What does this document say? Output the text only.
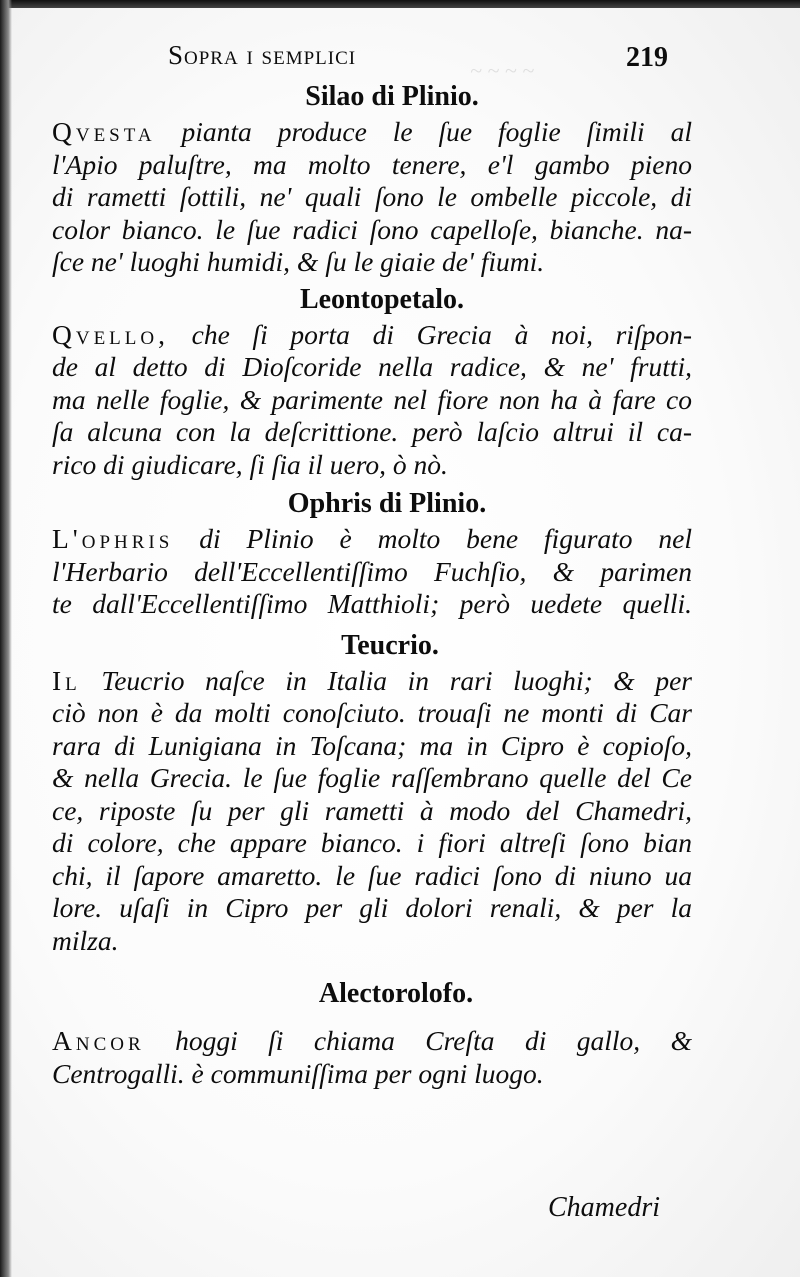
~ ~ ~ ~
Sopra i semplici	219
Silao di Plinio.

Qvesta pianta produce le ſue foglie ſimili al
l'Apio paluſtre, ma molto tenere, e'l gambo pieno
di rametti ſottili, ne' quali ſono le ombelle piccole, di
color bianco. le ſue radici ſono capelloſe, bianche. na-
ſce ne' luoghi humidi, & ſu le giaie de' fiumi.

Leontopetalo.

Qvello, che ſi porta di Grecia à noi, riſpon-
de al detto di Dioſcoride nella radice, & ne' frutti,
ma nelle foglie, & parimente nel fiore non ha à fare co
ſa alcuna con la deſcrittione. però laſcio altrui il ca-
rico di giudicare, ſi ſia il uero, ò nò.

Ophris di Plinio.

L'ophris di Plinio è molto bene figurato nel
l'Herbario dell'Eccellentiſſimo Fuchſio, & parimen
te dall'Eccellentiſſimo Matthioli; però uedete quelli.

Teucrio.

Il Teucrio naſce in Italia in rari luoghi; & per
ciò non è da molti conoſciuto. trouaſi ne monti di Car
rara di Lunigiana in Toſcana; ma in Cipro è copioſo,
& nella Grecia. le ſue foglie raſſembrano quelle del Ce
ce, riposte ſu per gli rametti à modo del Chamedri,
di colore, che appare bianco. i fiori altreſi ſono bian
chi, il ſapore amaretto. le ſue radici ſono di niuno ua
lore. uſaſi in Cipro per gli dolori renali, & per la
milza.

Alectorolofo.

Ancor hoggi ſi chiama Creſta di gallo, &
Centrogalli. è communiſſima per ogni luogo.

Chamedri
